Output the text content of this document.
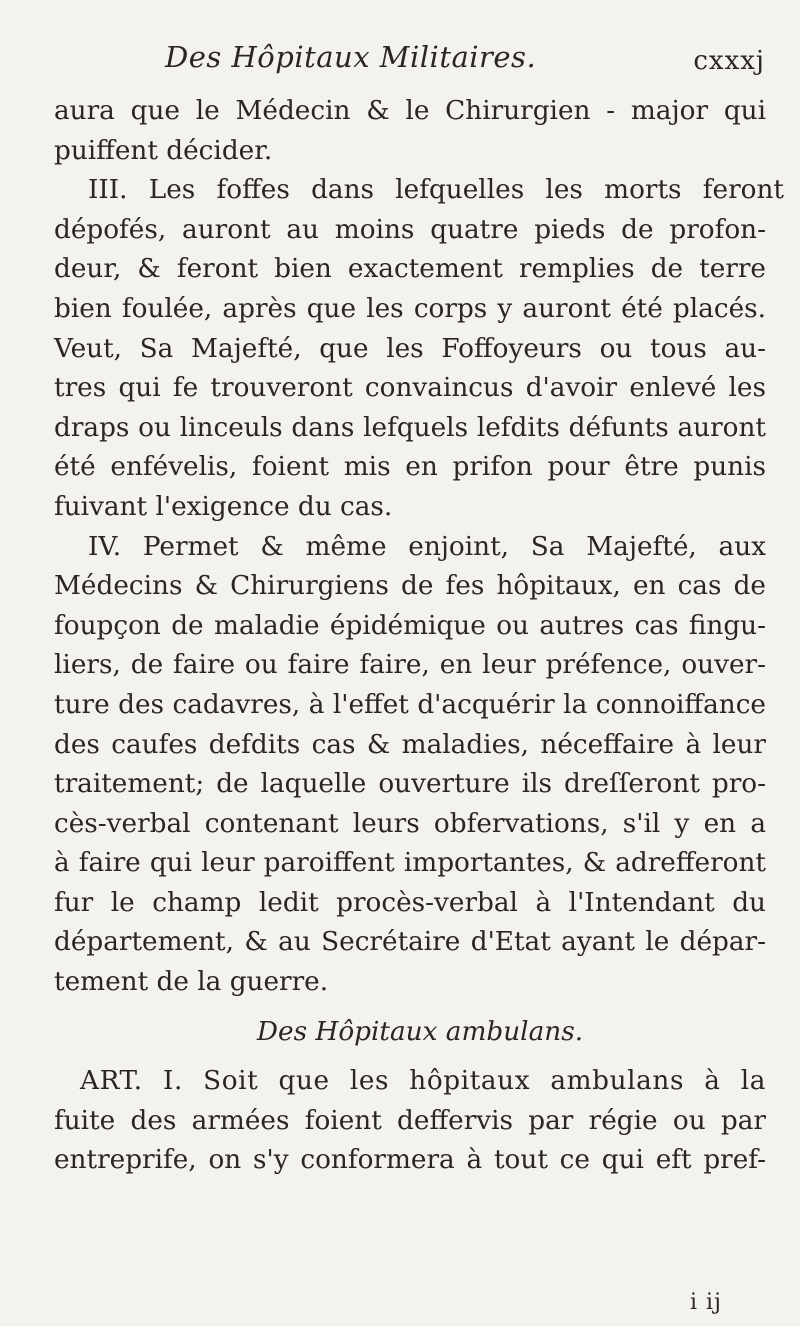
Des Hôpitaux Militaires.	cxxxj

aura que le Médecin & le Chirurgien - major qui

puiffent décider.

III. Les foffes dans lefquelles les morts feront

dépofés, auront au moins quatre pieds de profon-

deur, & feront bien exactement remplies de terre

bien foulée, après que les corps y auront été placés.

Veut, Sa Majefté, que les Foffoyeurs ou tous au-

tres qui fe trouveront convaincus d'avoir enlevé les

draps ou linceuls dans lefquels lefdits défunts auront

été enfévelis, foient mis en prifon pour être punis

fuivant l'exigence du cas.

IV. Permet & même enjoint, Sa Majefté, aux

Médecins & Chirurgiens de fes hôpitaux, en cas de

foupçon de maladie épidémique ou autres cas fingu-

liers, de faire ou faire faire, en leur préfence, ouver-

ture des cadavres, à l'effet d'acquérir la connoiffance

des caufes defdits cas & maladies, néceffaire à leur

traitement; de laquelle ouverture ils dreſſeront pro-

cès-verbal contenant leurs obfervations, s'il y en a

à faire qui leur paroiffent importantes, & adrefferont

fur le champ ledit procès-verbal à l'Intendant du

département, & au Secrétaire d'Etat ayant le dépar-

tement de la guerre.

Des Hôpitaux ambulans.

ART. I. Soit que les hôpitaux ambulans à la

fuite des armées foient deffervis par régie ou par

entreprife, on s'y conformera à tout ce qui eft pref-

i ij
